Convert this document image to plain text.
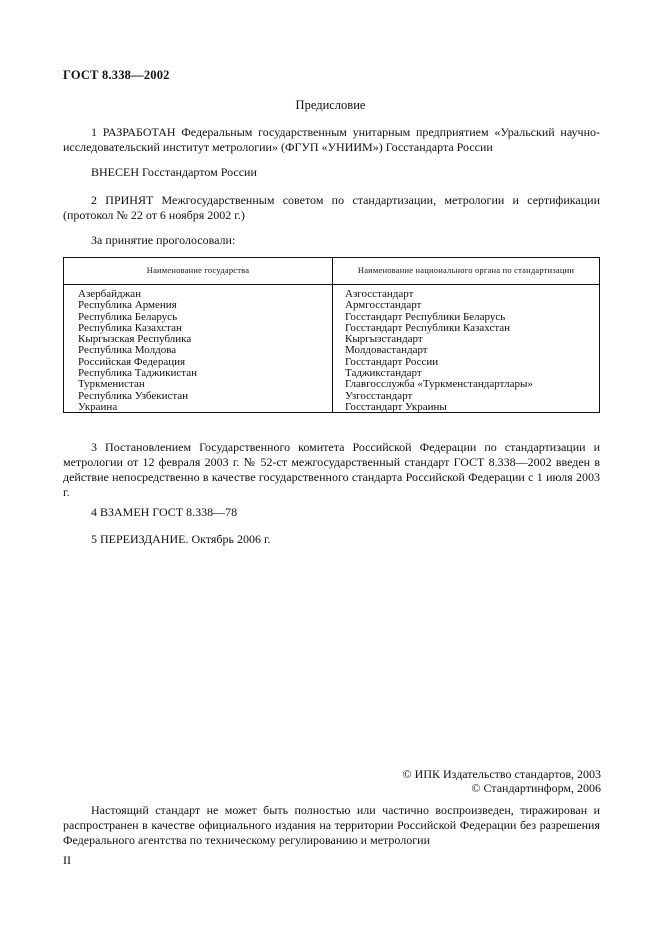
ГОСТ 8.338—2002
Предисловие
1 РАЗРАБОТАН Федеральным государственным унитарным предприятием «Уральский научно-исследовательский институт метрологии» (ФГУП «УНИИМ») Госстандарта России
ВНЕСЕН Госстандартом России
2 ПРИНЯТ Межгосударственным советом по стандартизации, метрологии и сертификации (протокол № 22 от 6 ноября 2002 г.)
За принятие проголосовали:
Наименование государства	Наименование национального органа по стандартизации
Азербайджан
Республика Армения
Республика Беларусь
Республика Казахстан
Кыргызская Республика
Республика Молдова
Российская Федерация
Республика Таджикистан
Туркменистан
Республика Узбекистан
Украина
Азгосстандарт
Армгосстандарт
Госстандарт Республики Беларусь
Госстандарт Республики Казахстан
Кыргызстандарт
Молдовастандарт
Госстандарт России
Таджикстандарт
Главгосслужба «Туркменстандартлары»
Узгосстандарт
Госстандарт Украины
3 Постановлением Государственного комитета Российской Федерации по стандартизации и метрологии от 12 февраля 2003 г. № 52-ст межгосударственный стандарт ГОСТ 8.338—2002 введен в действие непосредственно в качестве государственного стандарта Российской Федерации с 1 июля 2003 г.
4 ВЗАМЕН ГОСТ 8.338—78
5 ПЕРЕИЗДАНИЕ. Октябрь 2006 г.
© ИПК Издательство стандартов, 2003
© Стандартинформ, 2006
Настоящий стандарт не может быть полностью или частично воспроизведен, тиражирован и распространен в качестве официального издания на территории Российской Федерации без разрешения Федерального агентства по техническому регулированию и метрологии
II
